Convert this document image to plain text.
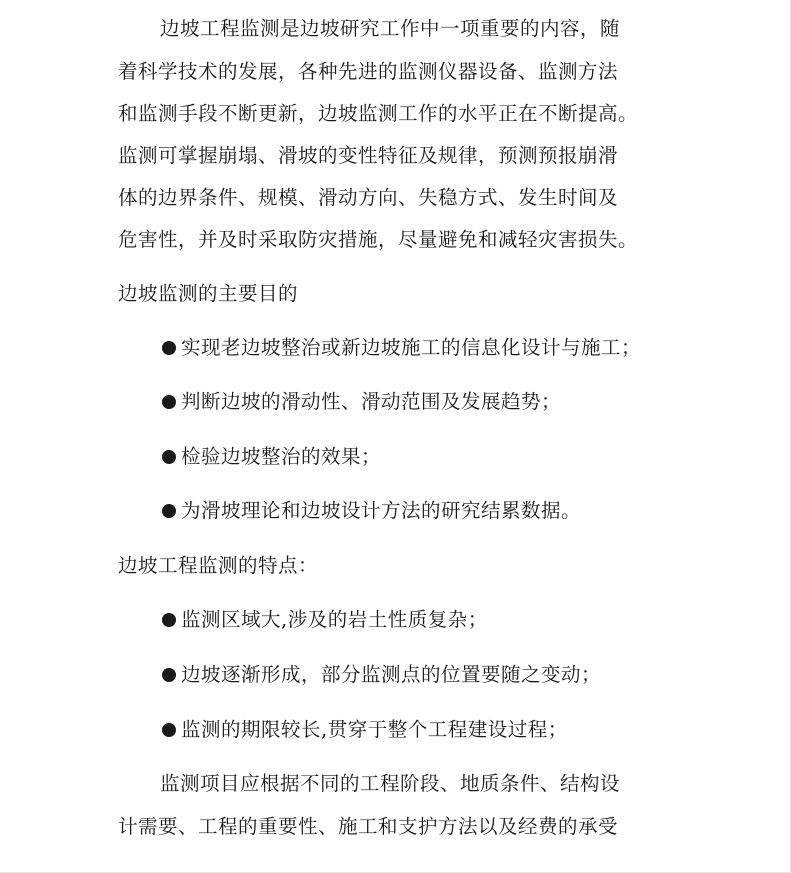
边坡工程监测是边坡研究工作中一项重要的内容，随
着科学技术的发展，各种先进的监测仪器设备、监测方法
和监测手段不断更新，边坡监测工作的水平正在不断提高。
监测可掌握崩塌、滑坡的变性特征及规律，预测预报崩滑
体的边界条件、规模、滑动方向、失稳方式、发生时间及
危害性，并及时采取防灾措施，尽量避免和减轻灾害损失。
边坡监测的主要目的
实现老边坡整治或新边坡施工的信息化设计与施工；
判断边坡的滑动性、滑动范围及发展趋势；
检验边坡整治的效果；
为滑坡理论和边坡设计方法的研究结累数据。
边坡工程监测的特点：
监测区域大,涉及的岩土性质复杂；
边坡逐渐形成，部分监测点的位置要随之变动；
监测的期限较长,贯穿于整个工程建设过程；
监测项目应根据不同的工程阶段、地质条件、结构设
计需要、工程的重要性、施工和支护方法以及经费的承受
